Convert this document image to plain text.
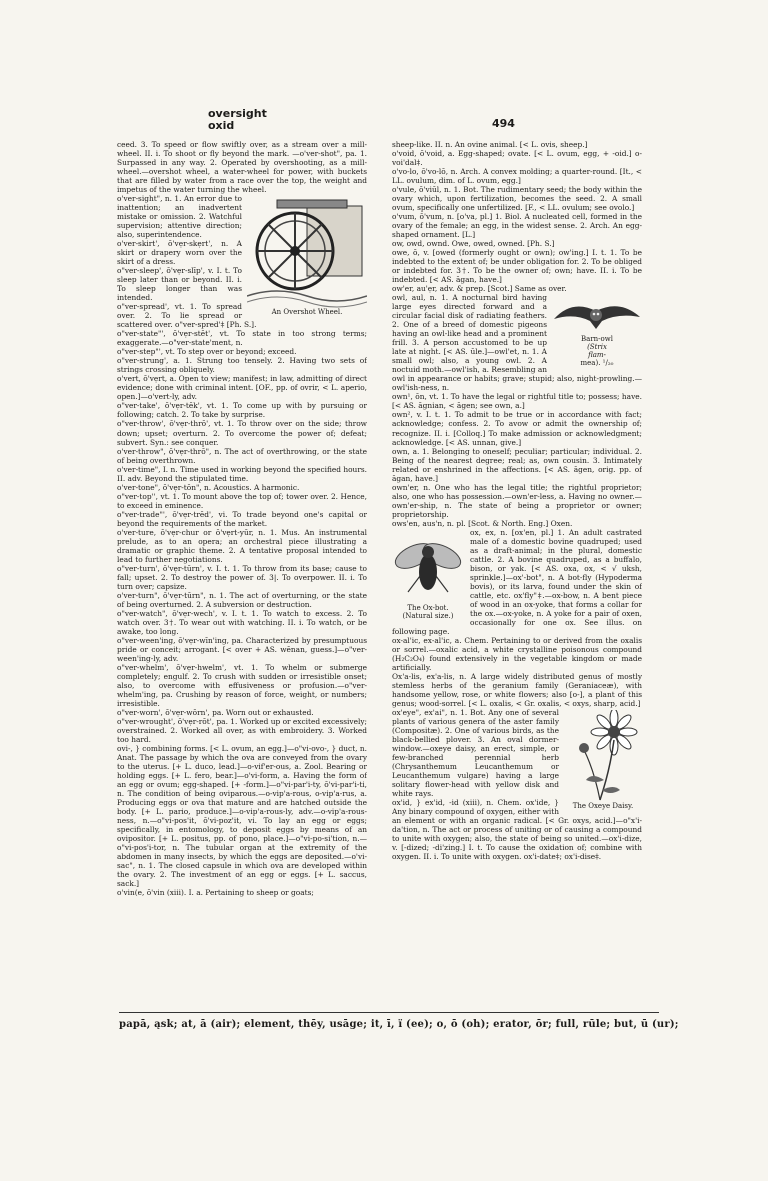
oversight
oxid	494

ceed. 3. To speed or flow swiftly over, as a stream over a mill-wheel. II. i. To shoot or fly beyond the mark. —o'ver-shot", pa. 1. Surpassed in any way. 2. Operated by overshooting, as a mill-wheel.—overshot wheel, a water-wheel for power, with buckets that are filled by water from a race over the top, the weight and impetus of the water turning the wheel.

An Overshot Wheel.

o'ver-sight", n. 1. An error due to inattention; an inadvertent mistake or omission. 2. Watchful supervision; attentive direction; also, superintendence.

o'ver-skirt', ō'vẹr-skẹrt', n. A skirt or drapery worn over the skirt of a dress.

o"ver-sleep', ō'vẹr-slīp', v. I. t. To sleep later than or beyond. II. i. To sleep longer than was intended.

o"ver-spread', vt. 1. To spread over. 2. To lie spread or scattered over. o"ver-spred'‡ [Ph. S.].

o"ver-state"', ō'vẹr-stēt', vt. To state in too strong terms; exaggerate.—o"ver-state'ment, n.

o"ver-step"', vt. To step over or beyond; exceed.

o"ver-strung', a. 1. Strung too tensely. 2. Having two sets of strings crossing obliquely.

o'vert, ō'vẹrt, a. Open to view; manifest; in law, admitting of direct evidence; done with criminal intent. [OF., pp. of ovrir, < L. aperio, open.]—o'vert-ly, adv.

o"ver-take', ō'vẹr-tēk', vt. 1. To come up with by pursuing or following; catch. 2. To take by surprise.

o"ver-throw', ō'vẹr-thrō', vt. 1. To throw over on the side; throw down; upset; overturn. 2. To overcome the power of; defeat; subvert. Syn.: see conquer.

o'ver-throw", ō'vẹr-thrō", n. The act of overthrowing, or the state of being overthrown.

o'ver-time", I. n. Time used in working beyond the specified hours. II. adv. Beyond the stipulated time.

o'ver-tone", ō'vẹr-tōn", n. Acoustics. A harmonic.

o"ver-top'', vt. 1. To mount above the top of; tower over. 2. Hence, to exceed in eminence.

o"ver-trade"', ō'vẹr-trēd', vi. To trade beyond one's capital or beyond the requirements of the market.

o'ver-ture, ō'vẹr-chur or ō'vẹrt-yūr, n. 1. Mus. An instrumental prelude, as to an opera; an orchestral piece illustrating a dramatic or graphic theme. 2. A tentative proposal intended to lead to further negotiations.

o"ver-turn', ō'vẹr-tūrn', v. I. t. 1. To throw from its base; cause to fall; upset. 2. To destroy the power of. 3|. To overpower. II. i. To turn over; capsize.

o'ver-turn", ō'vẹr-tūrn", n. 1. The act of overturning, or the state of being overturned. 2. A subversion or destruction.

o"ver-watch", ō'vẹr-wech', v. I. t. 1. To watch to excess. 2. To watch over. 3†. To wear out with watching. II. i. To watch, or be awake, too long.

o"ver-ween'ing, ō'vẹr-wīn'ing, pa. Characterized by presumptuous pride or conceit; arrogant. [< over + AS. wēnan, guess.]—o"ver-ween'ing-ly, adv.

o"ver-whelm', ō'vẹr-hwelm', vt. 1. To whelm or submerge completely; engulf. 2. To crush with sudden or irresistible onset; also, to overcome with effusiveness or profusion.—o"ver-whelm'ing, pa. Crushing by reason of force, weight, or numbers; irresistible.

o"ver-worn', ō'vẹr-wōrn', pa. Worn out or exhausted.

o"ver-wrought', ō'vẹr-rōt', pa. 1. Worked up or excited excessively; overstrained. 2. Worked all over, as with embroidery. 3. Worked too hard.

ovi-, } combining forms. [< L. ovum, an egg.]—o"vi-ovo-, } duct, n. Anat. The passage by which the ova are conveyed from the ovary to the uterus. [+ L. duco, lead.]—o-vif'er-ous, a. Zool. Bearing or holding eggs. [+ L. fero, bear.]—o'vi-form, a. Having the form of an egg or ovum; egg-shaped. [+ -form.]—o"vi-par'i-ty, ō'vi-par'i-ti, n. The condition of being oviparous.—o-vip'a-rous, o-vip'a-rus, a. Producing eggs or ova that mature and are hatched outside the body. [+ L. pario, produce.]—o-vip'a-rous-ly, adv.—o-vip'a-rous-ness, n.—o"vi-pos'it, ō'vi-poz'it, vi. To lay an egg or eggs; specifically, in entomology, to deposit eggs by means of an ovipositor. [+ L. positus, pp. of pono, place.]—o"vi-po-si'tion, n.—o"vi-pos'i-tor, n. The tubular organ at the extremity of the abdomen in many insects, by which the eggs are deposited.—o'vi-sac", n. 1. The closed capsule in which ova are developed within the ovary. 2. The investment of an egg or eggs. [+ L. saccus, sack.]

o'vin(e, ō'vin (xiii). I. a. Pertaining to sheep or goats;

sheep-like. II. n. An ovine animal. [< L. ovis, sheep.]

o'void, ō'void, a. Egg-shaped; ovate. [< L. ovum, egg, + -oid.] o-voi'dal‡.

o'vo-lo, ō'vo-lō, n. Arch. A convex molding; a quarter-round. [It., < LL. ovulum, dim. of L. ovum, egg.]

o'vule, ō'viūl, n. 1. Bot. The rudimentary seed; the body within the ovary which, upon fertilization, becomes the seed. 2. A small ovum, specifically one unfertilized. [F., < LL. ovulum; see ovolo.]

o'vum, ō'vum, n. [o'va, pl.] 1. Biol. A nucleated cell, formed in the ovary of the female; an egg, in the widest sense. 2. Arch. An egg-shaped ornament. [L.]

ow, owd, ownd. Owe, owed, owned. [Ph. S.]

owe, ō, v. [owed (formerly ought or own); ow'ing.] I. t. 1. To be indebted to the extent of; be under obligation for. 2. To be obliged or indebted for. 3†. To be the owner of; own; have. II. i. To be indebted. [< AS. āgan, have.]

ow'er, au'ẹr, adv. & prep. [Scot.] Same as over.

Barn-owl
(Strix
flam-
mea). ¹/₂₀

owl, aul, n. 1. A nocturnal bird having large eyes directed forward and a circular facial disk of radiating feathers. 2. One of a breed of domestic pigeons having an owl-like head and a prominent frill. 3. A person accustomed to be up late at night. [< AS. ūle.]—owl'et, n. 1. A small owl; also, a young owl. 2. A noctuid moth.—owl'ish, a. Resembling an owl in appearance or habits; grave; stupid; also, night-prowling.—owl'ish-ness, n.

own¹, ōn, vt. 1. To have the legal or rightful title to; possess; have. [< AS. āgnian, < āgen; see own, a.]

own², v. I. t. 1. To admit to be true or in accordance with fact; acknowledge; confess. 2. To avow or admit the ownership of; recognize. II. i. [Colloq.] To make admission or acknowledgment; acknowledge. [< AS. unnan, give.]

own, a. 1. Belonging to oneself; peculiar; particular; individual. 2. Being of the nearest degree; real; as, own cousin. 3. Intimately related or enshrined in the affections. [< AS. āgen, orig. pp. of āgan, have.]

own'er, n. One who has the legal title; the rightful proprietor; also, one who has possession.—own'er-less, a. Having no owner.—own'er-ship, n. The state of being a proprietor or owner; proprietorship.

ows'en, aus'n, n. pl. [Scot. & North. Eng.] Oxen.

The Ox-bot.
(Natural size.)

ox, ex, n. [ox'en, pl.] 1. An adult castrated male of a domestic bovine quadruped; used as a draft-animal; in the plural, domestic cattle. 2. A bovine quadruped, as a buffalo, bison, or yak. [< AS. oxa, ox, < √ uksh, sprinkle.]—ox'-bot", n. A bot-fly (Hypoderma bovis), or its larva, found under the skin of cattle, etc. ox'fly"‡.—ox-bow, n. A bent piece of wood in an ox-yoke, that forms a collar for the ox.—ox-yoke, n. A yoke for a pair of oxen, occasionally for one ox. See illus. on following page.

ox-al'ic, ex-al'ic, a. Chem. Pertaining to or derived from the oxalis or sorrel.—oxalic acid, a white crystalline poisonous compound (H₂C₂O₄) found extensively in the vegetable kingdom or made artificially.

Ox'a-lis, ex'a-lis, n. A large widely distributed genus of mostly stemless herbs of the geranium family (Geraniaceæ), with handsome yellow, rose, or white flowers; also [o-], a plant of this genus; wood-sorrel. [< L. oxalis, < Gr. oxalis, < oxys, sharp, acid.]

The Oxeye Daisy.

ox'eye", ex'ai", n. 1. Bot. Any one of several plants of various genera of the aster family (Compositæ). 2. One of various birds, as the black-bellied plover. 3. An oval dormer-window.—oxeye daisy, an erect, simple, or few-branched perennial herb (Chrysanthemum Leucanthemum or Leucanthemum vulgare) having a large solitary flower-head with yellow disk and white rays.

ox'id, } ex'id, -id (xiii), n. Chem. ox'ide, } Any binary compound of oxygen, either with an element or with an organic radical. [< Gr. oxys, acid.]—o"x'i-da'tion, n. The act or process of uniting or of causing a compound to unite with oxygen; also, the state of being so united.—ox'i-dize, v. [-dized; -di'zing.] I. t. To cause the oxidation of; combine with oxygen. II. i. To unite with oxygen. ox'i-date‡; ox'i-dise‡.

papā, ąsk; at, ā (air); element, thēy, usāge; it, ī, ï (ee); o, ō (oh); erator, ōr; full, rūle; but, ū (ur);
